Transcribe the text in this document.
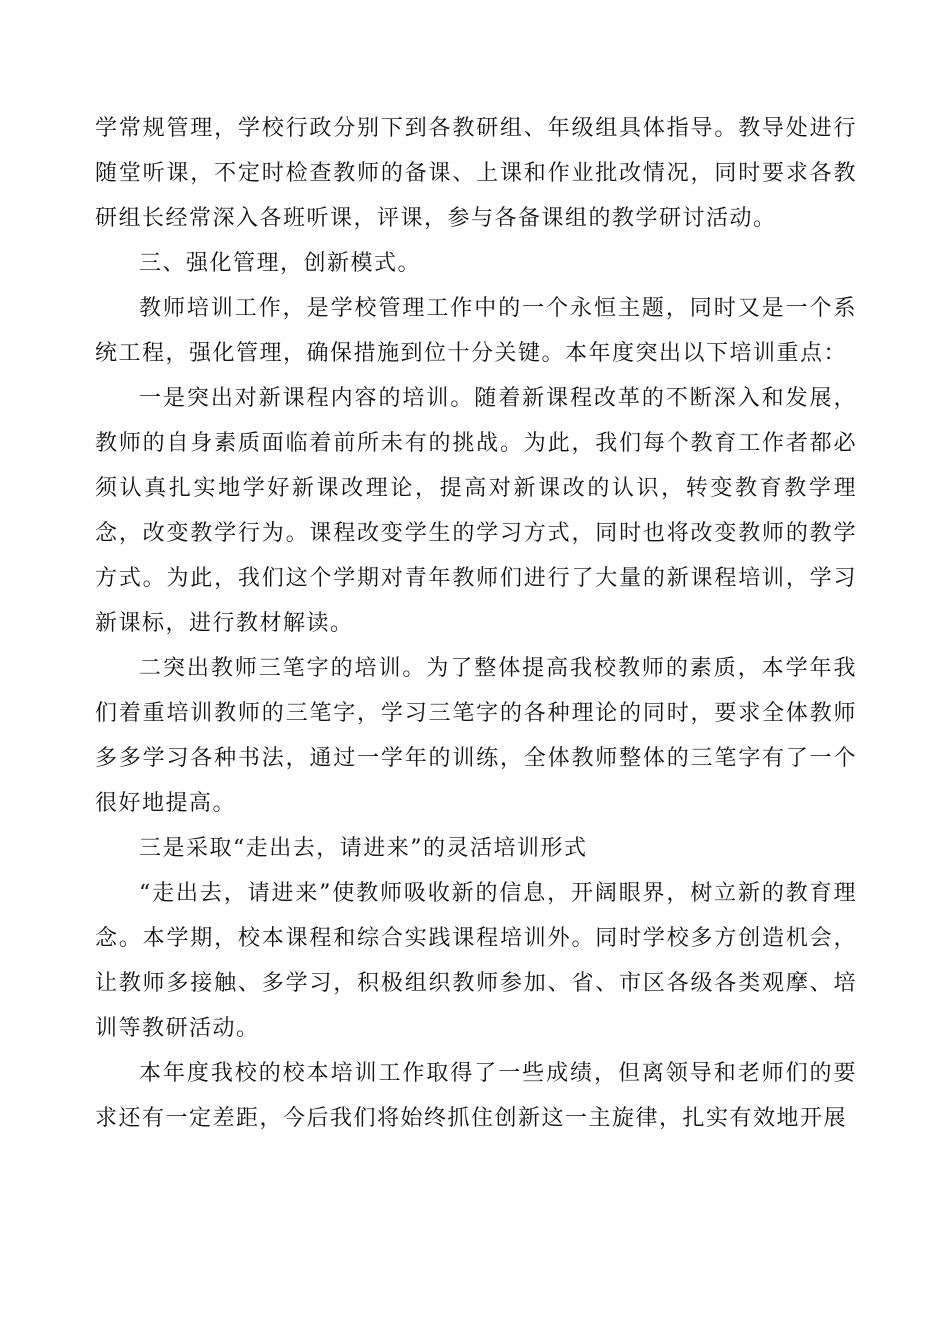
学常规管理，学校行政分别下到各教研组、年级组具体指导。教导处进行随堂听课，不定时检查教师的备课、上课和作业批改情况，同时要求各教研组长经常深入各班听课，评课，参与各备课组的教学研讨活动。

三、强化管理，创新模式。

教师培训工作，是学校管理工作中的一个永恒主题，同时又是一个系统工程，强化管理，确保措施到位十分关键。本年度突出以下培训重点：

一是突出对新课程内容的培训。随着新课程改革的不断深入和发展，教师的自身素质面临着前所未有的挑战。为此，我们每个教育工作者都必须认真扎实地学好新课改理论，提高对新课改的认识，转变教育教学理念，改变教学行为。课程改变学生的学习方式，同时也将改变教师的教学方式。为此，我们这个学期对青年教师们进行了大量的新课程培训，学习新课标，进行教材解读。

二突出教师三笔字的培训。为了整体提高我校教师的素质，本学年我们着重培训教师的三笔字，学习三笔字的各种理论的同时，要求全体教师多多学习各种书法，通过一学年的训练，全体教师整体的三笔字有了一个很好地提高。

三是采取“走出去，请进来”的灵活培训形式

“走出去，请进来”使教师吸收新的信息，开阔眼界，树立新的教育理念。本学期，校本课程和综合实践课程培训外。同时学校多方创造机会，让教师多接触、多学习，积极组织教师参加、省、市区各级各类观摩、培训等教研活动。

本年度我校的校本培训工作取得了一些成绩，但离领导和老师们的要求还有一定差距，今后我们将始终抓住创新这一主旋律，扎实有效地开展
